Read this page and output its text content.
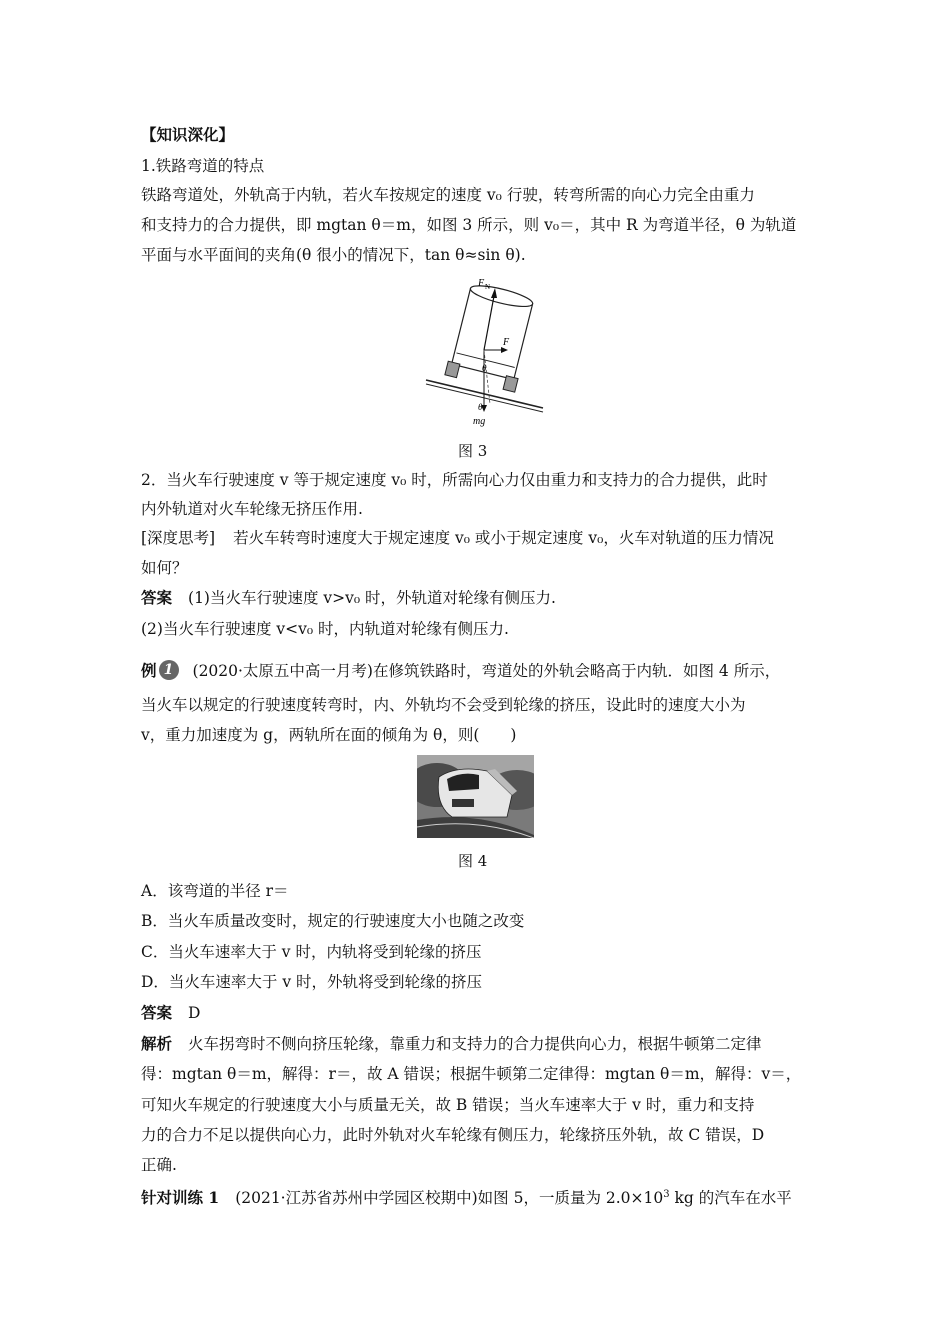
【知识深化】
1.铁路弯道的特点
铁路弯道处，外轨高于内轨，若火车按规定的速度 v₀ 行驶，转弯所需的向心力完全由重力
和支持力的合力提供，即 mgtan θ＝m，如图 3 所示，则 v₀＝，其中 R 为弯道半径，θ 为轨道
平面与水平面间的夹角(θ 很小的情况下，tan θ≈sin θ).
F N
F
θ
θ
mg
图 3
2．当火车行驶速度 v 等于规定速度 v₀ 时，所需向心力仅由重力和支持力的合力提供，此时
内外轨道对火车轮缘无挤压作用.
[深度思考] 若火车转弯时速度大于规定速度 v₀ 或小于规定速度 v₀，火车对轨道的压力情况
如何？
答案 (1)当火车行驶速度 v>v₀ 时，外轨道对轮缘有侧压力.
(2)当火车行驶速度 v<v₀ 时，内轨道对轮缘有侧压力.
例 1 (2020·太原五中高一月考)在修筑铁路时，弯道处的外轨会略高于内轨．如图 4 所示，
当火车以规定的行驶速度转弯时，内、外轨均不会受到轮缘的挤压，设此时的速度大小为
v，重力加速度为 g，两轨所在面的倾角为 θ，则(　　)
图 4
A．该弯道的半径 r＝
B．当火车质量改变时，规定的行驶速度大小也随之改变
C．当火车速率大于 v 时，内轨将受到轮缘的挤压
D．当火车速率大于 v 时，外轨将受到轮缘的挤压
答案 D
解析 火车拐弯时不侧向挤压轮缘，靠重力和支持力的合力提供向心力，根据牛顿第二定律
得：mgtan θ＝m，解得：r＝，故 A 错误；根据牛顿第二定律得：mgtan θ＝m，解得：v＝，
可知火车规定的行驶速度大小与质量无关，故 B 错误；当火车速率大于 v 时，重力和支持
力的合力不足以提供向心力，此时外轨对火车轮缘有侧压力，轮缘挤压外轨，故 C 错误，D
正确.
针对训练 1 (2021·江苏省苏州中学园区校期中)如图 5，一质量为 $2.0\times 10^3$ kg 的汽车在水平
